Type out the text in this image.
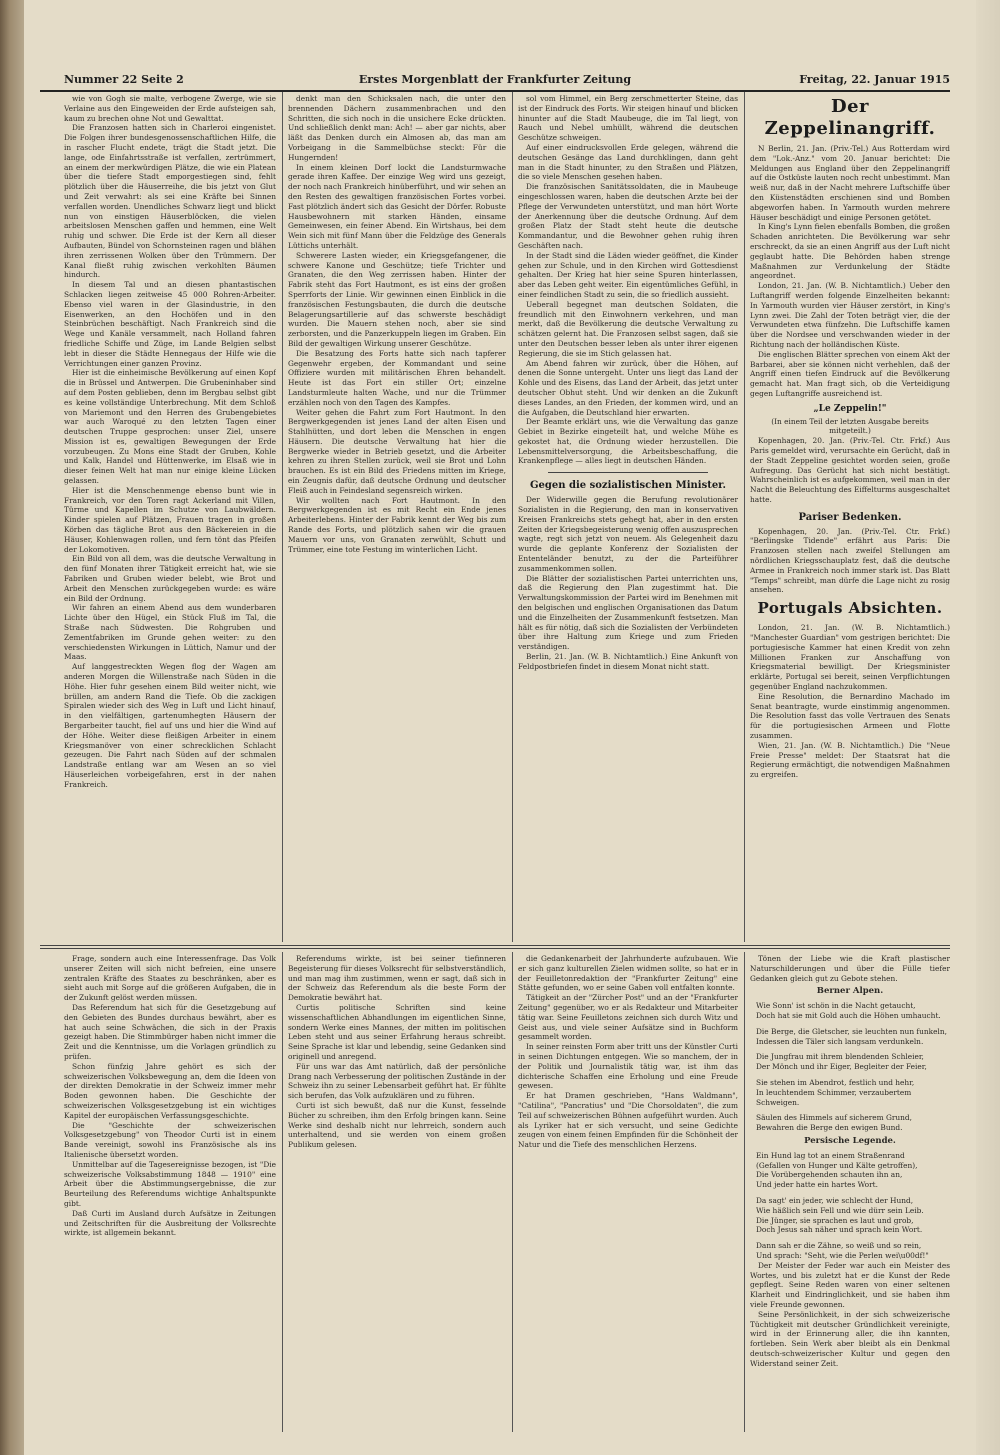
Nummer 22 Seite 2	Erstes Morgenblatt der Frankfurter Zeitung	Freitag, 22. Januar 1915

wie von Gogh sie malte, verbogene Zwerge, wie sie Verlaine aus den Eingeweiden der Erde aufsteigen sah, kaum zu brechen ohne Not und Gewalttat.

Die Franzosen hatten sich in Charleroi eingenistet. Die Folgen ihrer bundesgenossenschaftlichen Hilfe, die in rascher Flucht endete, trägt die Stadt jetzt. Die lange, ode Einfahrtsstraße ist verfallen, zertrümmert, an einem der merkwürdigen Plätze, die wie ein Platean über die tiefere Stadt emporgestiegen sind, fehlt plötzlich über die Häuserreihe, die bis jetzt von Glut und Zeit verwahrt: als sei eine Kräfte bei Sinnen verfallen worden. Unendliches Schwarz liegt und blickt nun von einstigen Häuserblöcken, die vielen arbeitslosen Menschen gaffen und hemmen, eine Welt ruhig und schwer. Die Erde ist der Kern all dieser Aufbauten, Bündel von Schornsteinen ragen und blähen ihren zerrissenen Wolken über den Trümmern. Der Kanal fließt ruhig zwischen verkohlten Bäumen hindurch.

In diesem Tal und an diesen phantastischen Schlacken liegen zeitweise 45 000 Rohren-Arbeiter. Ebenso viel waren in der Glasindustrie, in den Eisenwerken, an den Hochöfen und in den Steinbrüchen beschäftigt. Nach Frankreich sind die Wege und Kanäle versammelt, nach Holland fahren friedliche Schiffe und Züge, im Lande Belgien selbst lebt in dieser die Städte Hennegaus der Hilfe wie die Verrichtungen einer ganzen Provinz.

Hier ist die einheimische Bevölkerung auf einen Kopf die in Brüssel und Antwerpen. Die Grubeninhaber sind auf dem Posten geblieben, denn im Bergbau selbst gibt es keine vollständige Unterbrechung. Mit dem Schloß von Mariemont und den Herren des Grubengebietes war auch Waroqué zu den letzten Tagen einer deutschen Truppe gesprochen: unser Ziel, unsere Mission ist es, gewaltigen Bewegungen der Erde vorzubeugen. Zu Mons eine Stadt der Gruben, Kohle und Kalk, Handel und Hüttenwerke, im Elsaß wie in dieser feinen Welt hat man nur einige kleine Lücken gelassen.

Hier ist die Menschenmenge ebenso bunt wie in Frankreich, vor den Toren ragt Ackerland mit Villen, Türme und Kapellen im Schutze von Laubwäldern. Kinder spielen auf Plätzen, Frauen tragen in großen Körben das tägliche Brot aus den Bäckereien in die Häuser, Kohlenwagen rollen, und fern tönt das Pfeifen der Lokomotiven.

Ein Bild von all dem, was die deutsche Verwaltung in den fünf Monaten ihrer Tätigkeit erreicht hat, wie sie Fabriken und Gruben wieder belebt, wie Brot und Arbeit den Menschen zurückgegeben wurde: es wäre ein Bild der Ordnung.

Wir fahren an einem Abend aus dem wunderbaren Lichte über den Hügel, ein Stück Fluß im Tal, die Straße nach Südwesten. Die Rohgruben und Zementfabriken im Grunde gehen weiter: zu den verschiedensten Wirkungen in Lüttich, Namur und der Maas.

Auf langgestreckten Wegen flog der Wagen am anderen Morgen die Willenstraße nach Süden in die Höhe. Hier fuhr gesehen einem Bild weiter nicht, wie brüllen, am andern Rand die Tiefe. Ob die zackigen Spiralen wieder sich des Weg in Luft und Licht hinauf, in den vielfältigen, gartenumhegten Häusern der Bergarbeiter taucht, fiel auf uns und hier die Wind auf der Höhe. Weiter diese fleißigen Arbeiter in einem Kriegsmanöver von einer schrecklichen Schlacht gezeugen. Die Fahrt nach Süden auf der schmalen Landstraße entlang war am Wesen an so viel Häuserleichen vorbeigefahren, erst in der nahen Frankreich.

denkt man den Schicksalen nach, die unter den brennenden Dächern zusammenbrachen und den Schritten, die sich noch in die unsichere Ecke drückten. Und schließlich denkt man: Ach! — aber gar nichts, aber läßt das Denken durch ein Almosen ab, das man am Vorbeigang in die Sammelbüchse steckt: Für die Hungernden!

In einem kleinen Dorf lockt die Landsturmwache gerade ihren Kaffee. Der einzige Weg wird uns gezeigt, der noch nach Frankreich hinüberführt, und wir sehen an den Resten des gewaltigen französischen Fortes vorbei. Fast plötzlich ändert sich das Gesicht der Dörfer. Robuste Hausbewohnern mit starken Händen, einsame Gemeinwesen, ein feiner Abend. Ein Wirtshaus, bei dem Wein sich mit fünf Mann über die Feldzüge des Generals Lüttichs unterhält.

Schwerere Lasten wieder, ein Kriegsgefangener, die schwere Kanone und Geschütze; tiefe Trichter und Granaten, die den Weg zerrissen haben. Hinter der Fabrik steht das Fort Hautmont, es ist eins der großen Sperrforts der Linie. Wir gewinnen einen Einblick in die französischen Festungsbauten, die durch die deutsche Belagerungsartillerie auf das schwerste beschädigt wurden. Die Mauern stehen noch, aber sie sind zerborsten, und die Panzerkuppeln liegen im Graben. Ein Bild der gewaltigen Wirkung unserer Geschütze.

Die Besatzung des Forts hatte sich nach tapferer Gegenwehr ergeben, der Kommandant und seine Offiziere wurden mit militärischen Ehren behandelt. Heute ist das Fort ein stiller Ort; einzelne Landsturmleute halten Wache, und nur die Trümmer erzählen noch von den Tagen des Kampfes.

Weiter gehen die Fahrt zum Fort Hautmont. In den Bergwerkgegenden ist jenes Land der alten Eisen und Stahlhütten, und dort leben die Menschen in engen Häusern. Die deutsche Verwaltung hat hier die Bergwerke wieder in Betrieb gesetzt, und die Arbeiter kehren zu ihren Stellen zurück, weil sie Brot und Lohn brauchen. Es ist ein Bild des Friedens mitten im Kriege, ein Zeugnis dafür, daß deutsche Ordnung und deutscher Fleiß auch in Feindesland segensreich wirken.

Wir wollten nach Fort Hautmont. In den Bergwerkgegenden ist es mit Recht ein Ende jenes Arbeiterlebens. Hinter der Fabrik kennt der Weg bis zum Rande des Forts, und plötzlich sahen wir die grauen Mauern vor uns, von Granaten zerwühlt, Schutt und Trümmer, eine tote Festung im winterlichen Licht.

sol vom Himmel, ein Berg zerschmetterter Steine, das ist der Eindruck des Forts. Wir steigen hinauf und blicken hinunter auf die Stadt Maubeuge, die im Tal liegt, von Rauch und Nebel umhüllt, während die deutschen Geschütze schweigen.

Auf einer eindrucksvollen Erde gelegen, während die deutschen Gesänge das Land durchklingen, dann geht man in die Stadt hinunter, zu den Straßen und Plätzen, die so viele Menschen gesehen haben.

Die französischen Sanitätssoldaten, die in Maubeuge eingeschlossen waren, haben die deutschen Arzte bei der Pflege der Verwundeten unterstützt, und man hört Worte der Anerkennung über die deutsche Ordnung. Auf dem großen Platz der Stadt steht heute die deutsche Kommandantur, und die Bewohner gehen ruhig ihren Geschäften nach.

In der Stadt sind die Läden wieder geöffnet, die Kinder gehen zur Schule, und in den Kirchen wird Gottesdienst gehalten. Der Krieg hat hier seine Spuren hinterlassen, aber das Leben geht weiter. Ein eigentümliches Gefühl, in einer feindlichen Stadt zu sein, die so friedlich aussieht.

Ueberall begegnet man deutschen Soldaten, die freundlich mit den Einwohnern verkehren, und man merkt, daß die Bevölkerung die deutsche Verwaltung zu schätzen gelernt hat. Die Franzosen selbst sagen, daß sie unter den Deutschen besser leben als unter ihrer eigenen Regierung, die sie im Stich gelassen hat.

Am Abend fahren wir zurück, über die Höhen, auf denen die Sonne untergeht. Unter uns liegt das Land der Kohle und des Eisens, das Land der Arbeit, das jetzt unter deutscher Obhut steht. Und wir denken an die Zukunft dieses Landes, an den Frieden, der kommen wird, und an die Aufgaben, die Deutschland hier erwarten.

Der Beamte erklärt uns, wie die Verwaltung das ganze Gebiet in Bezirke eingeteilt hat, und welche Mühe es gekostet hat, die Ordnung wieder herzustellen. Die Lebensmittelversorgung, die Arbeitsbeschaffung, die Krankenpflege — alles liegt in deutschen Händen.

Gegen die sozialistischen Minister.

Der Widerwille gegen die Berufung revolutionärer Sozialisten in die Regierung, den man in konservativen Kreisen Frankreichs stets gehegt hat, aber in den ersten Zeiten der Kriegsbegeisterung wenig offen auszusprechen wagte, regt sich jetzt von neuem. Als Gelegenheit dazu wurde die geplante Konferenz der Sozialisten der Ententeländer benutzt, zu der die Parteiführer zusammenkommen sollen.

Die Blätter der sozialistischen Partei unterrichten uns, daß die Regierung den Plan zugestimmt hat. Die Verwaltungskommission der Partei wird im Benehmen mit den belgischen und englischen Organisationen das Datum und die Einzelheiten der Zusammenkunft festsetzen. Man hält es für nötig, daß sich die Sozialisten der Verbündeten über ihre Haltung zum Kriege und zum Frieden verständigen.

Berlin, 21. Jan. (W. B. Nichtamtlich.) Eine Ankunft von Feldpostbriefen findet in diesem Monat nicht statt.

Der Zeppelinangriff.

N Berlin, 21. Jan. (Priv.-Tel.) Aus Rotterdam wird dem "Lok.-Anz." vom 20. Januar berichtet: Die Meldungen aus England über den Zeppelinangriff auf die Ostküste lauten noch recht unbestimmt. Man weiß nur, daß in der Nacht mehrere Luftschiffe über den Küstenstädten erschienen sind und Bomben abgeworfen haben. In Yarmouth wurden mehrere Häuser beschädigt und einige Personen getötet.

In King's Lynn fielen ebenfalls Bomben, die großen Schaden anrichteten. Die Bevölkerung war sehr erschreckt, da sie an einen Angriff aus der Luft nicht geglaubt hatte. Die Behörden haben strenge Maßnahmen zur Verdunkelung der Städte angeordnet.

London, 21. Jan. (W. B. Nichtamtlich.) Ueber den Luftangriff werden folgende Einzelheiten bekannt: In Yarmouth wurden vier Häuser zerstört, in King's Lynn zwei. Die Zahl der Toten beträgt vier, die der Verwundeten etwa fünfzehn. Die Luftschiffe kamen über die Nordsee und verschwanden wieder in der Richtung nach der holländischen Küste.

Die englischen Blätter sprechen von einem Akt der Barbarei, aber sie können nicht verhehlen, daß der Angriff einen tiefen Eindruck auf die Bevölkerung gemacht hat. Man fragt sich, ob die Verteidigung gegen Luftangriffe ausreichend ist.

„Le Zeppelin!"

(In einem Teil der letzten Ausgabe bereits mitgeteilt.)

Kopenhagen, 20. Jan. (Priv.-Tel. Ctr. Frkf.) Aus Paris gemeldet wird, verursachte ein Gerücht, daß in der Stadt Zeppeline gesichtet worden seien, große Aufregung. Das Gerücht hat sich nicht bestätigt. Wahrscheinlich ist es aufgekommen, weil man in der Nacht die Beleuchtung des Eiffelturms ausgeschaltet hatte.

Pariser Bedenken.

Kopenhagen, 20. Jan. (Priv.-Tel. Ctr. Frkf.) "Berlingske Tidende" erfährt aus Paris: Die Franzosen stellen nach zweifel Stellungen am nördlichen Kriegsschauplatz fest, daß die deutsche Armee in Frankreich noch immer stark ist. Das Blatt "Temps" schreibt, man dürfe die Lage nicht zu rosig ansehen.

Portugals Absichten.

London, 21. Jan. (W. B. Nichtamtlich.) "Manchester Guardian" vom gestrigen berichtet: Die portugiesische Kammer hat einen Kredit von zehn Millionen Franken zur Anschaffung von Kriegsmaterial bewilligt. Der Kriegsminister erklärte, Portugal sei bereit, seinen Verpflichtungen gegenüber England nachzukommen.

Eine Resolution, die Bernardino Machado im Senat beantragte, wurde einstimmig angenommen. Die Resolution fasst das volle Vertrauen des Senats für die portugiesischen Armeen und Flotte zusammen.

Wien, 21. Jan. (W. B. Nichtamtlich.) Die "Neue Freie Presse" meldet: Der Staatsrat hat die Regierung ermächtigt, die notwendigen Maßnahmen zu ergreifen.

Frage, sondern auch eine Interessenfrage. Das Volk unserer Zeiten will sich nicht befreien, eine unsere zentralen Kräfte des Staates zu beschränken, aber es sieht auch mit Sorge auf die größeren Aufgaben, die in der Zukunft gelöst werden müssen.

Das Referendum hat sich für die Gesetzgebung auf den Gebieten des Bundes durchaus bewährt, aber es hat auch seine Schwächen, die sich in der Praxis gezeigt haben. Die Stimmbürger haben nicht immer die Zeit und die Kenntnisse, um die Vorlagen gründlich zu prüfen.

Schon fünfzig Jahre gehört es sich der schweizerischen Volksbewegung an, dem die Ideen von der direkten Demokratie in der Schweiz immer mehr Boden gewonnen haben. Die Geschichte der schweizerischen Volksgesetzgebung ist ein wichtiges Kapitel der europäischen Verfassungsgeschichte.

Die "Geschichte der schweizerischen Volksgesetzgebung" von Theodor Curti ist in einem Bande vereinigt, sowohl ins Französische als ins Italienische übersetzt worden.

Unmittelbar auf die Tagesereignisse bezogen, ist "Die schweizerische Volksabstimmung 1848 — 1910" eine Arbeit über die Abstimmungsergebnisse, die zur Beurteilung des Referendums wichtige Anhaltspunkte gibt.

Daß Curti im Ausland durch Aufsätze in Zeitungen und Zeitschriften für die Ausbreitung der Volksrechte wirkte, ist allgemein bekannt.

Referendums wirkte, ist bei seiner tiefinneren Begeisterung für dieses Volksrecht für selbstverständlich, und man mag ihm zustimmen, wenn er sagt, daß sich in der Schweiz das Referendum als die beste Form der Demokratie bewährt hat.

Curtis politische Schriften sind keine wissenschaftlichen Abhandlungen im eigentlichen Sinne, sondern Werke eines Mannes, der mitten im politischen Leben steht und aus seiner Erfahrung heraus schreibt. Seine Sprache ist klar und lebendig, seine Gedanken sind originell und anregend.

Für uns war das Amt natürlich, daß der persönliche Drang nach Verbesserung der politischen Zustände in der Schweiz ihn zu seiner Lebensarbeit geführt hat. Er fühlte sich berufen, das Volk aufzuklären und zu führen.

Curti ist sich bewußt, daß nur die Kunst, fesselnde Bücher zu schreiben, ihm den Erfolg bringen kann. Seine Werke sind deshalb nicht nur lehrreich, sondern auch unterhaltend, und sie werden von einem großen Publikum gelesen.

die Gedankenarbeit der Jahrhunderte aufzubauen. Wie er sich ganz kulturellen Zielen widmen sollte, so hat er in der Feuilletonredaktion der "Frankfurter Zeitung" eine Stätte gefunden, wo er seine Gaben voll entfalten konnte.

Tätigkeit an der "Zürcher Post" und an der "Frankfurter Zeitung" gegenüber, wo er als Redakteur und Mitarbeiter tätig war. Seine Feuilletons zeichnen sich durch Witz und Geist aus, und viele seiner Aufsätze sind in Buchform gesammelt worden.

In seiner reinsten Form aber tritt uns der Künstler Curti in seinen Dichtungen entgegen. Wie so manchem, der in der Politik und Journalistik tätig war, ist ihm das dichterische Schaffen eine Erholung und eine Freude gewesen.

Er hat Dramen geschrieben, "Hans Waldmann", "Catilina", "Pancratius" und "Die Chorsoldaten", die zum Teil auf schweizerischen Bühnen aufgeführt wurden. Auch als Lyriker hat er sich versucht, und seine Gedichte zeugen von einem feinen Empfinden für die Schönheit der Natur und die Tiefe des menschlichen Herzens.

Tönen der Liebe wie die Kraft plastischer Naturschilderungen und über die Fülle tiefer Gedanken gleich gut zu Gebote stehen.

Berner Alpen.
Wie Sonn' ist schön in die Nacht getaucht,
Doch hat sie mit Gold auch die Höhen umhaucht.
Die Berge, die Gletscher, sie leuchten nun funkeln,
Indessen die Täler sich langsam verdunkeln.
Die Jungfrau mit ihrem blendenden Schleier,
Der Mönch und ihr Eiger, Begleiter der Feier,
Sie stehen im Abendrot, festlich und hehr,
In leuchtendem Schimmer, verzaubertem Schweigen.
Säulen des Himmels auf sicherem Grund,
Bewahren die Berge den ewigen Bund.
Persische Legende.
Ein Hund lag tot an einem Straßenrand
(Gefallen von Hunger und Kälte getroffen),
Die Vorübergehenden schauten ihn an,
Und jeder hatte ein hartes Wort.
Da sagt' ein jeder, wie schlecht der Hund,
Wie häßlich sein Fell und wie dürr sein Leib.
Die Jünger, sie sprachen es laut und grob,
Doch Jesus sah näher und sprach kein Wort.
Dann sah er die Zähne, so weiß und so rein,
Und sprach: "Seht, wie die Perlen wei\u00df!"

Der Meister der Feder war auch ein Meister des Wortes, und bis zuletzt hat er die Kunst der Rede gepflegt. Seine Reden waren von einer seltenen Klarheit und Eindringlichkeit, und sie haben ihm viele Freunde gewonnen.

Seine Persönlichkeit, in der sich schweizerische Tüchtigkeit mit deutscher Gründlichkeit vereinigte, wird in der Erinnerung aller, die ihn kannten, fortleben. Sein Werk aber bleibt als ein Denkmal deutsch-schweizerischer Kultur und gegen den Widerstand seiner Zeit.
